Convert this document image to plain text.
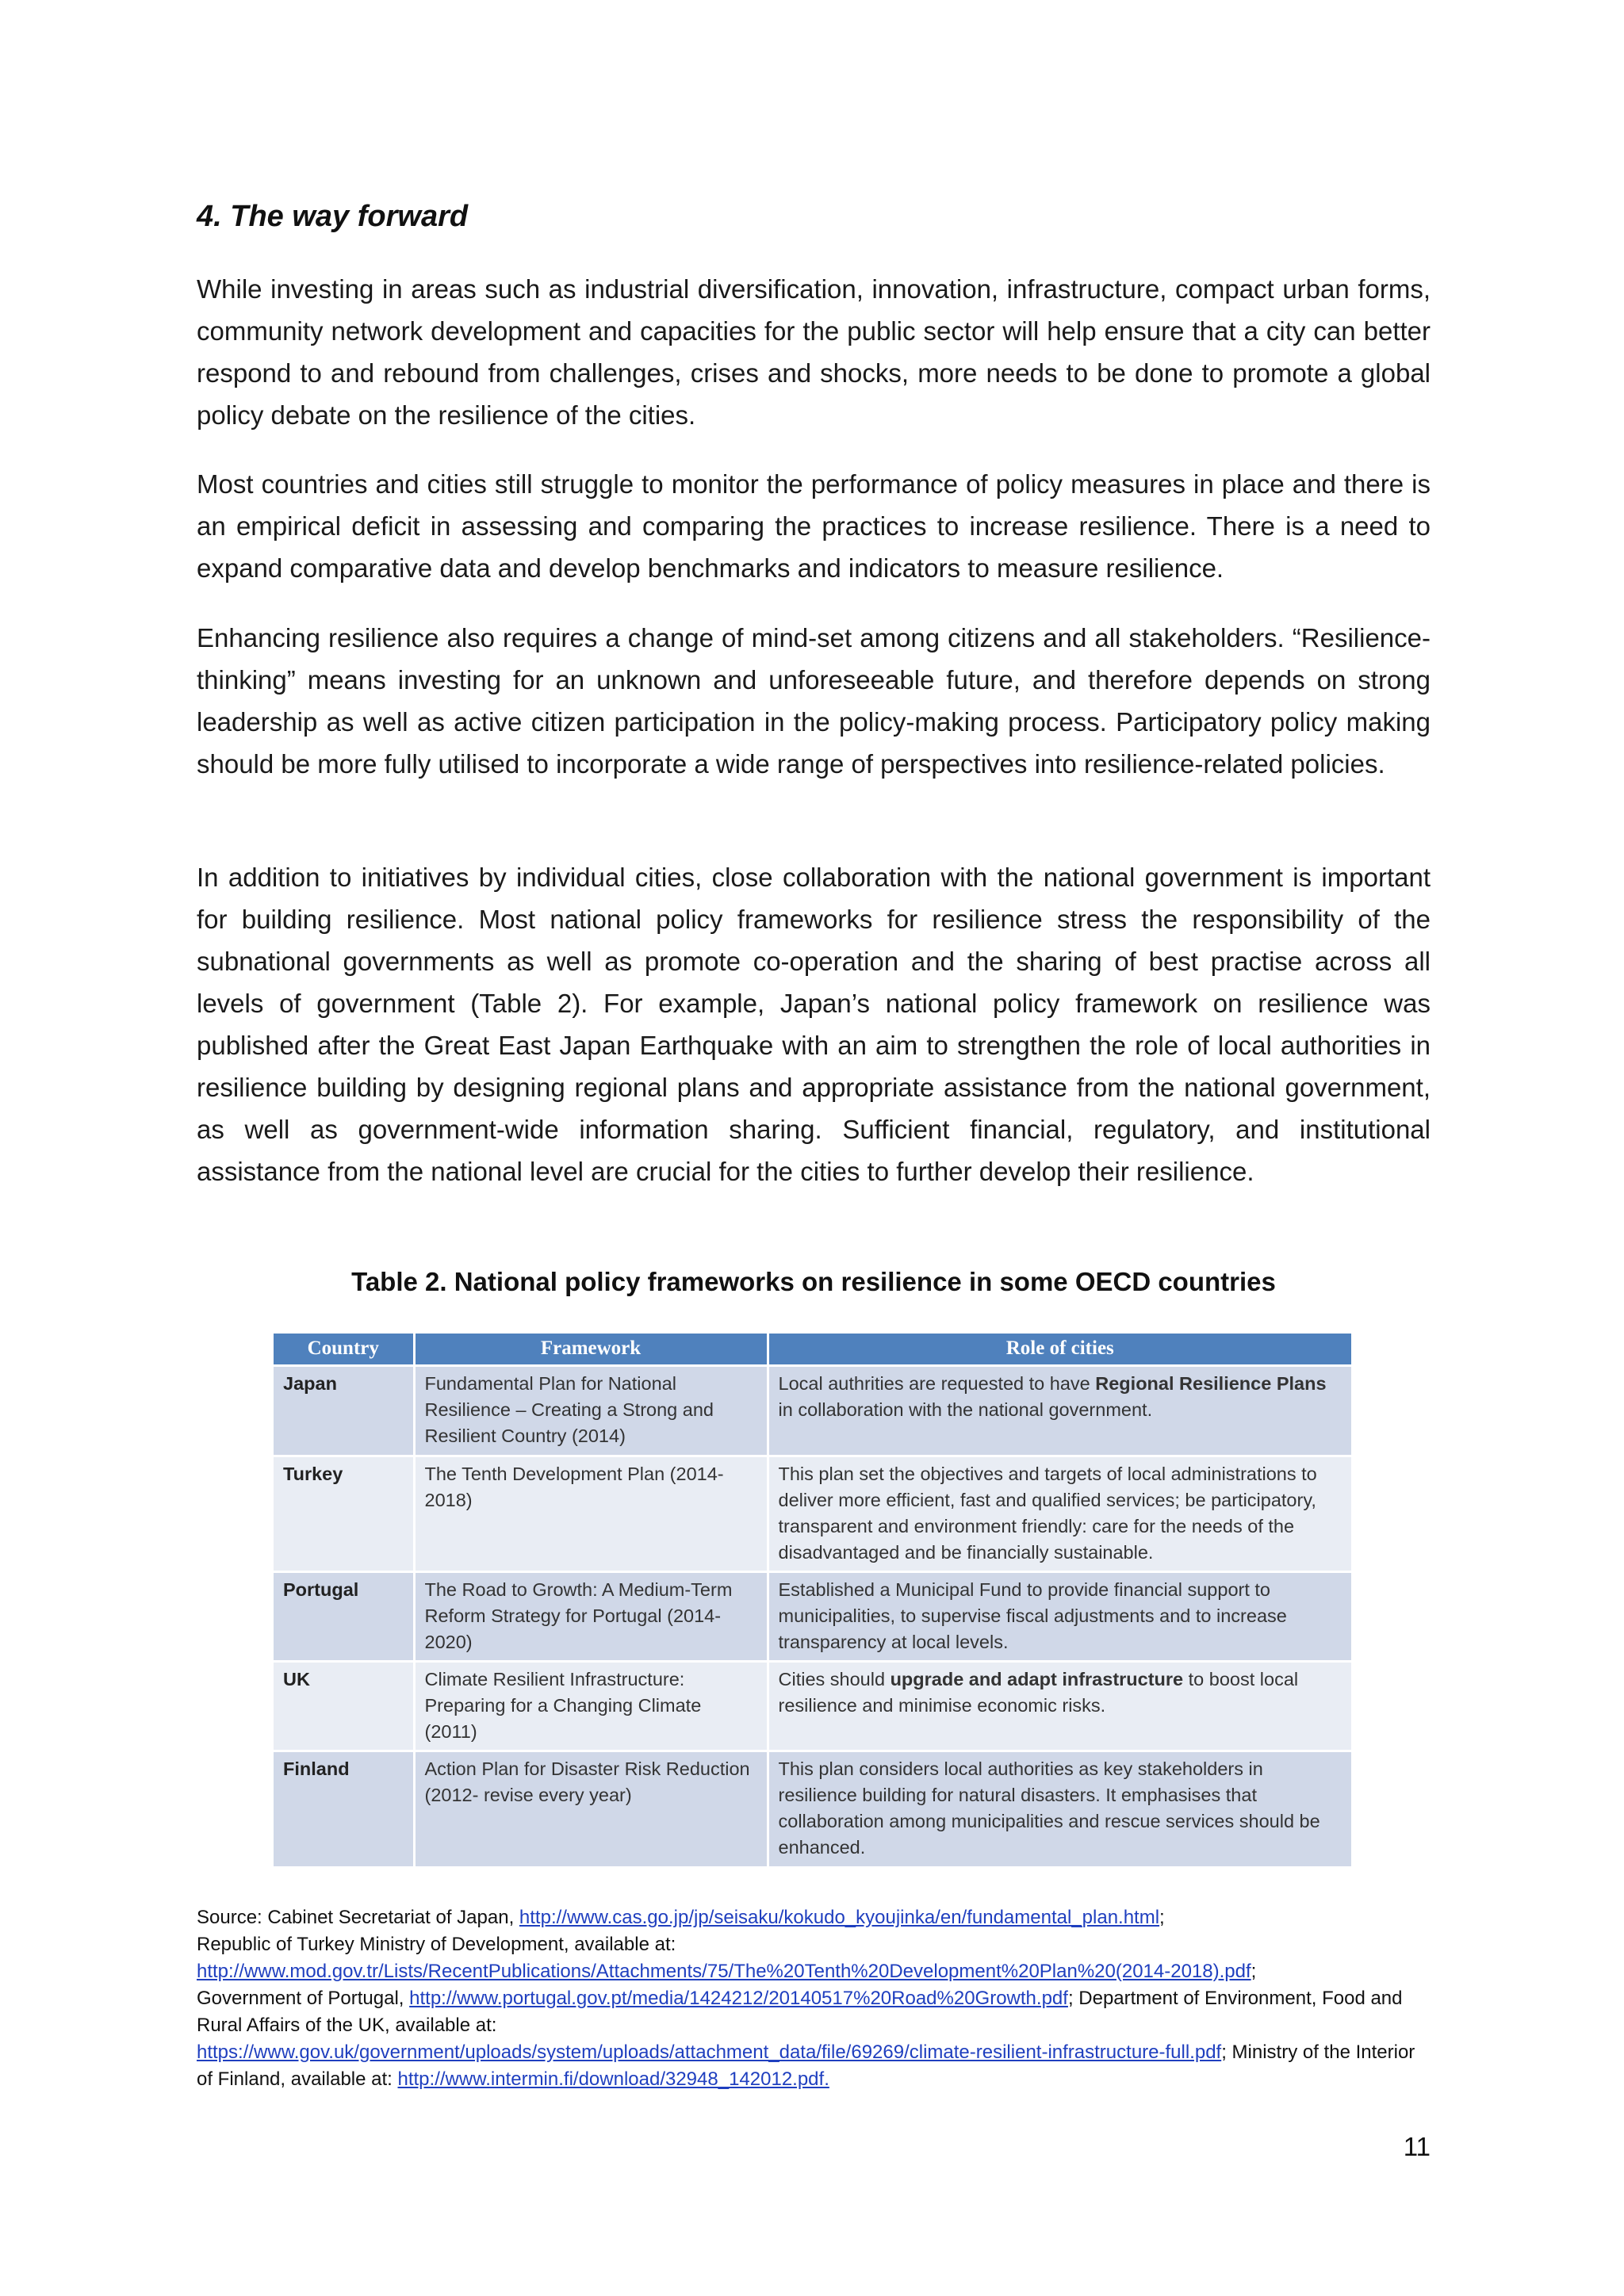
4. The way forward

While investing in areas such as industrial diversification, innovation, infrastructure, compact urban forms, community network development and capacities for the public sector will help ensure that a city can better respond to and rebound from challenges, crises and shocks, more needs to be done to promote a global policy debate on the resilience of the cities.

Most countries and cities still struggle to monitor the performance of policy measures in place and there is an empirical deficit in assessing and comparing the practices to increase resilience. There is a need to expand comparative data and develop benchmarks and indicators to measure resilience.

Enhancing resilience also requires a change of mind-set among citizens and all stakeholders. “Resilience-thinking” means investing for an unknown and unforeseeable future, and therefore depends on strong leadership as well as active citizen participation in the policy-making process. Participatory policy making should be more fully utilised to incorporate a wide range of perspectives into resilience-related policies.

In addition to initiatives by individual cities, close collaboration with the national government is important for building resilience. Most national policy frameworks for resilience stress the responsibility of the subnational governments as well as promote co-operation and the sharing of best practise across all levels of government (Table 2). For example, Japan’s national policy framework on resilience was published after the Great East Japan Earthquake with an aim to strengthen the role of local authorities in resilience building by designing regional plans and appropriate assistance from the national government, as well as government-wide information sharing. Sufficient financial, regulatory, and institutional assistance from the national level are crucial for the cities to further develop their resilience.

Table 2. National policy frameworks on resilience in some OECD countries
Country	Framework	Role of cities
Japan	Fundamental Plan for National Resilience – Creating a Strong and Resilient Country (2014)	Local authrities are requested to have Regional Resilience Plans in collaboration with the national government.
Turkey	The Tenth Development Plan (2014-2018)	This plan set the objectives and targets of local administrations to deliver more efficient, fast and qualified services; be participatory, transparent and environment friendly: care for the needs of the disadvantaged and be financially sustainable.
Portugal	The Road to Growth: A Medium-Term Reform Strategy for Portugal (2014-2020)	Established a Municipal Fund to provide financial support to municipalities, to supervise fiscal adjustments and to increase transparency at local levels.
UK	Climate Resilient Infrastructure: Preparing for a Changing Climate (2011)	Cities should upgrade and adapt infrastructure to boost local resilience and minimise economic risks.
Finland	Action Plan for Disaster Risk Reduction (2012- revise every year)	This plan considers local authorities as key stakeholders in resilience building for natural disasters. It emphasises that collaboration among municipalities and rescue services should be enhanced.
Source: Cabinet Secretariat of Japan, http://www.cas.go.jp/jp/seisaku/kokudo_kyoujinka/en/fundamental_plan.html;
Republic of Turkey Ministry of Development, available at:
http://www.mod.gov.tr/Lists/RecentPublications/Attachments/75/The%20Tenth%20Development%20Plan%20(2014-2018).pdf;
Government of Portugal, http://www.portugal.gov.pt/media/1424212/20140517%20Road%20Growth.pdf; Department of Environment, Food and Rural Affairs of the UK, available at:
https://www.gov.uk/government/uploads/system/uploads/attachment_data/file/69269/climate-resilient-infrastructure-full.pdf; Ministry of the Interior of Finland, available at: http://www.intermin.fi/download/32948_142012.pdf.
11
